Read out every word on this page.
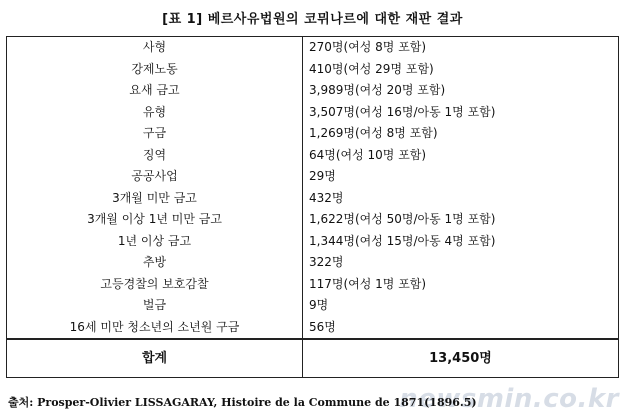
[표 1] 베르사유법원의 코뮈나르에 대한 재판 결과
사형	270명(여성 8명 포함)
강제노동	410명(여성 29명 포함)
요새 금고	3,989명(여성 20명 포함)
유형	3,507명(여성 16명/아동 1명 포함)
구금	1,269명(여성 8명 포함)
징역	64명(여성 10명 포함)
공공사업	29명
3개월 미만 금고	432명
3개월 이상 1년 미만 금고	1,622명(여성 50명/아동 1명 포함)
1년 이상 금고	1,344명(여성 15명/아동 4명 포함)
추방	322명
고등경찰의 보호감찰	117명(여성 1명 포함)
벌금	9명
16세 미만 청소년의 소년원 구금	56명
합계	13,450명
newsmin.co.kr
출처: Prosper-Olivier LISSAGARAY, Histoire de la Commune de 1871(1896.5)
